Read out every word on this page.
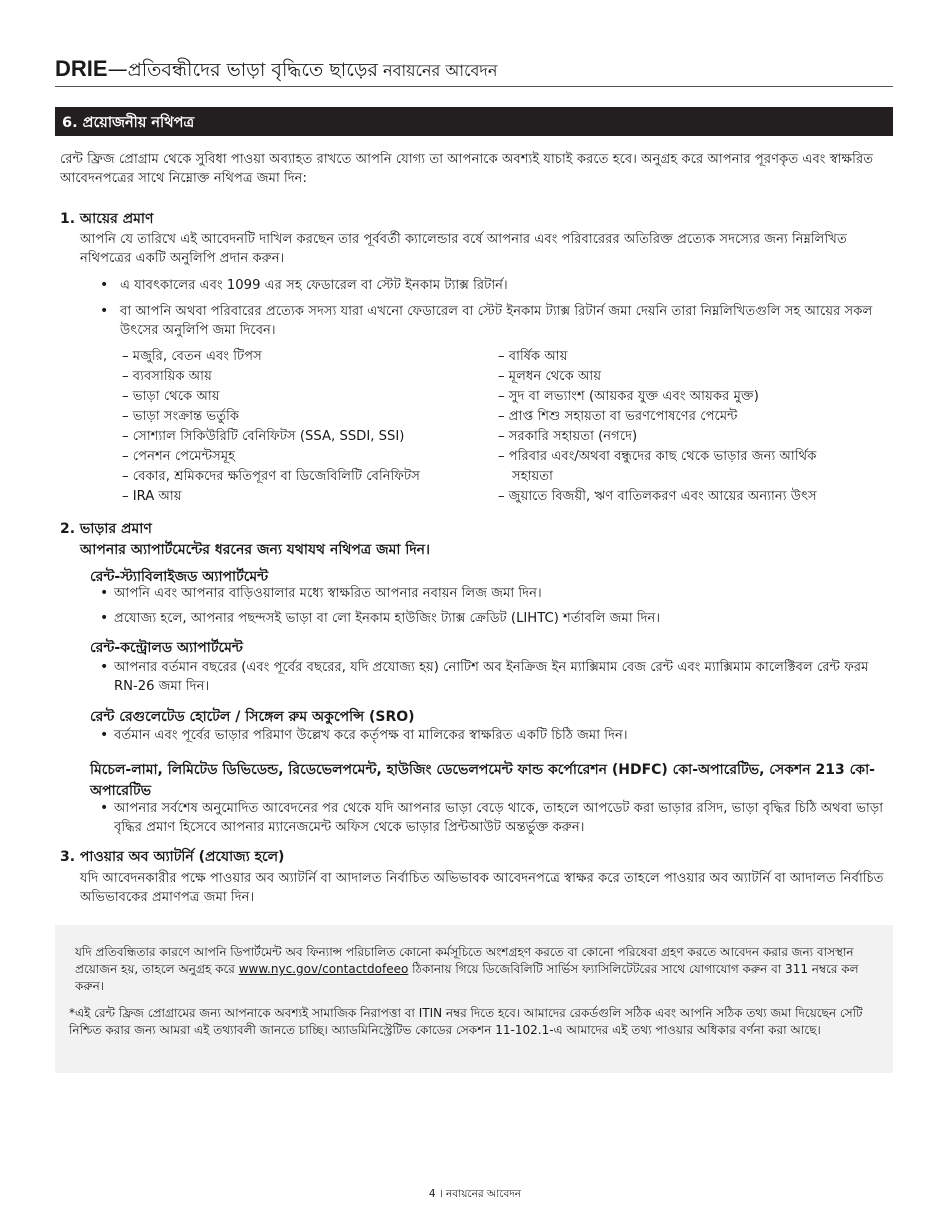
DRIE—প্রতিবন্ধীদের ভাড়া বৃদ্ধিতে ছাড়ের নবায়নের আবেদন
6. প্রয়োজনীয় নথিপত্র
রেন্ট ফ্রিজ প্রোগ্রাম থেকে সুবিধা পাওয়া অব্যাহত রাখতে আপনি যোগ্য তা আপনাকে অবশ্যই যাচাই করতে হবে। অনুগ্রহ করে আপনার পূরণকৃত এবং স্বাক্ষরিত আবেদনপত্রের সাথে নিম্নোক্ত নথিপত্র জমা দিন:
1. আয়ের প্রমাণ
আপনি যে তারিখে এই আবেদনটি দাখিল করছেন তার পূর্ববর্তী ক্যালেন্ডার বর্ষে আপনার এবং পরিবারেরর অতিরিক্ত প্রত্যেক সদস্যের জন্য নিম্নলিখিত নথিপত্রের একটি অনুলিপি প্রদান করুন।
• এ যাবৎকালের এবং 1099 এর সহ ফেডারেল বা স্টেট ইনকাম ট্যাক্স রিটার্ন।
• বা আপনি অথবা পরিবারের প্রত্যেক সদস্য যারা এখনো ফেডারেল বা স্টেট ইনকাম ট্যাক্স রিটার্ন জমা দেয়নি তারা নিম্নলিখিতগুলি সহ আয়ের সকল উৎসের অনুলিপি জমা দিবেন।
– মজুরি, বেতন এবং টিপস
– ব্যবসায়িক আয়
– ভাড়া থেকে আয়
– ভাড়া সংক্রান্ত ভর্তুকি
– সোশ্যাল সিকিউরিটি বেনিফিটস (SSA, SSDI, SSI)
– পেনশন পেমেন্টসমূহ
– বেকার, শ্রমিকদের ক্ষতিপূরণ বা ডিজেবিলিটি বেনিফিটস
– IRA আয়
– বার্ষিক আয়
– মূলধন থেকে আয়
– সুদ বা লভ্যাংশ (আয়কর যুক্ত এবং আয়কর মুক্ত)
– প্রাপ্ত শিশু সহায়তা বা ভরণপোষণের পেমেন্ট
– সরকারি সহায়তা (নগদে)
– পরিবার এবং/অথবা বন্ধুদের কাছ থেকে ভাড়ার জন্য আর্থিক
সহায়তা
– জুয়াতে বিজয়ী, ঋণ বাতিলকরণ এবং আয়ের অন্যান্য উৎস
2. ভাড়ার প্রমাণ
আপনার অ্যাপার্টমেন্টের ধরনের জন্য যথাযথ নথিপত্র জমা দিন।
রেন্ট-স্ট্যাবিলাইজড অ্যাপার্টমেন্ট
• আপনি এবং আপনার বাড়িওয়ালার মধ্যে স্বাক্ষরিত আপনার নবায়ন লিজ জমা দিন।
• প্রযোজ্য হলে, আপনার পছন্দসই ভাড়া বা লো ইনকাম হাউজিং ট্যাক্স ক্রেডিট (LIHTC) শর্তাবলি জমা দিন।
রেন্ট-কন্ট্রোলড অ্যাপার্টমেন্ট
• আপনার বর্তমান বছরের (এবং পূর্বের বছরের, যদি প্রযোজ্য হয়) নোটিশ অব ইনক্রিজ ইন ম্যাক্সিমাম বেজ রেন্ট এবং ম্যাক্সিমাম কালেক্টিবল রেন্ট ফরম RN-26 জমা দিন।
রেন্ট রেগুলেটেড হোটেল / সিঙ্গেল রুম অকুপেন্সি (SRO)
• বর্তমান এবং পূর্বের ভাড়ার পরিমাণ উল্লেখ করে কর্তৃপক্ষ বা মালিকের স্বাক্ষরিত একটি চিঠি জমা দিন।
মিচেল-লামা, লিমিটেড ডিভিডেন্ড, রিডেভেলপমেন্ট, হাউজিং ডেভেলপমেন্ট ফান্ড কর্পোরেশন (HDFC) কো-অপারেটিভ, সেকশন 213 কো-অপারেটিভ
• আপনার সর্বশেষ অনুমোদিত আবেদনের পর থেকে যদি আপনার ভাড়া বেড়ে থাকে, তাহলে আপডেট করা ভাড়ার রসিদ, ভাড়া বৃদ্ধির চিঠি অথবা ভাড়া বৃদ্ধির প্রমাণ হিসেবে আপনার ম্যানেজমেন্ট অফিস থেকে ভাড়ার প্রিন্টআউট অন্তর্ভুক্ত করুন।
3. পাওয়ার অব অ্যাটর্নি (প্রযোজ্য হলে)
যদি আবেদনকারীর পক্ষে পাওয়ার অব অ্যাটর্নি বা আদালত নির্বাচিত অভিভাবক আবেদনপত্রে স্বাক্ষর করে তাহলে পাওয়ার অব অ্যাটর্নি বা আদালত নির্বাচিত অভিভাবকের প্রমাণপত্র জমা দিন।
যদি প্রতিবন্ধিতার কারণে আপনি ডিপার্টমেন্ট অব ফিন্যান্স পরিচালিত কোনো কর্মসূচিতে অংশগ্রহণ করতে বা কোনো পরিষেবা গ্রহণ করতে আবেদন করার জন্য বাসস্থান প্রয়োজন হয়, তাহলে অনুগ্রহ করে www.nyc.gov/contactdofeeo ঠিকানায় গিয়ে ডিজেবিলিটি সার্ভিস ফ্যাসিলিটেটরের সাথে যোগাযোগ করুন বা 311 নম্বরে কল করুন।
*এই রেন্ট ফ্রিজ প্রোগ্রামের জন্য আপনাকে অবশ্যই সামাজিক নিরাপত্তা বা ITIN নম্বর দিতে হবে। আমাদের রেকর্ডগুলি সঠিক এবং আপনি সঠিক তথ্য জমা দিয়েছেন সেটি নিশ্চিত করার জন্য আমরা এই তথ্যাবলী জানতে চাচ্ছি। অ্যাডমিনিস্ট্রেটিভ কোডের সেকশন 11-102.1-এ আমাদের এই তথ্য পাওয়ার অধিকার বর্ণনা করা আছে।
4 । নবায়নের আবেদন
